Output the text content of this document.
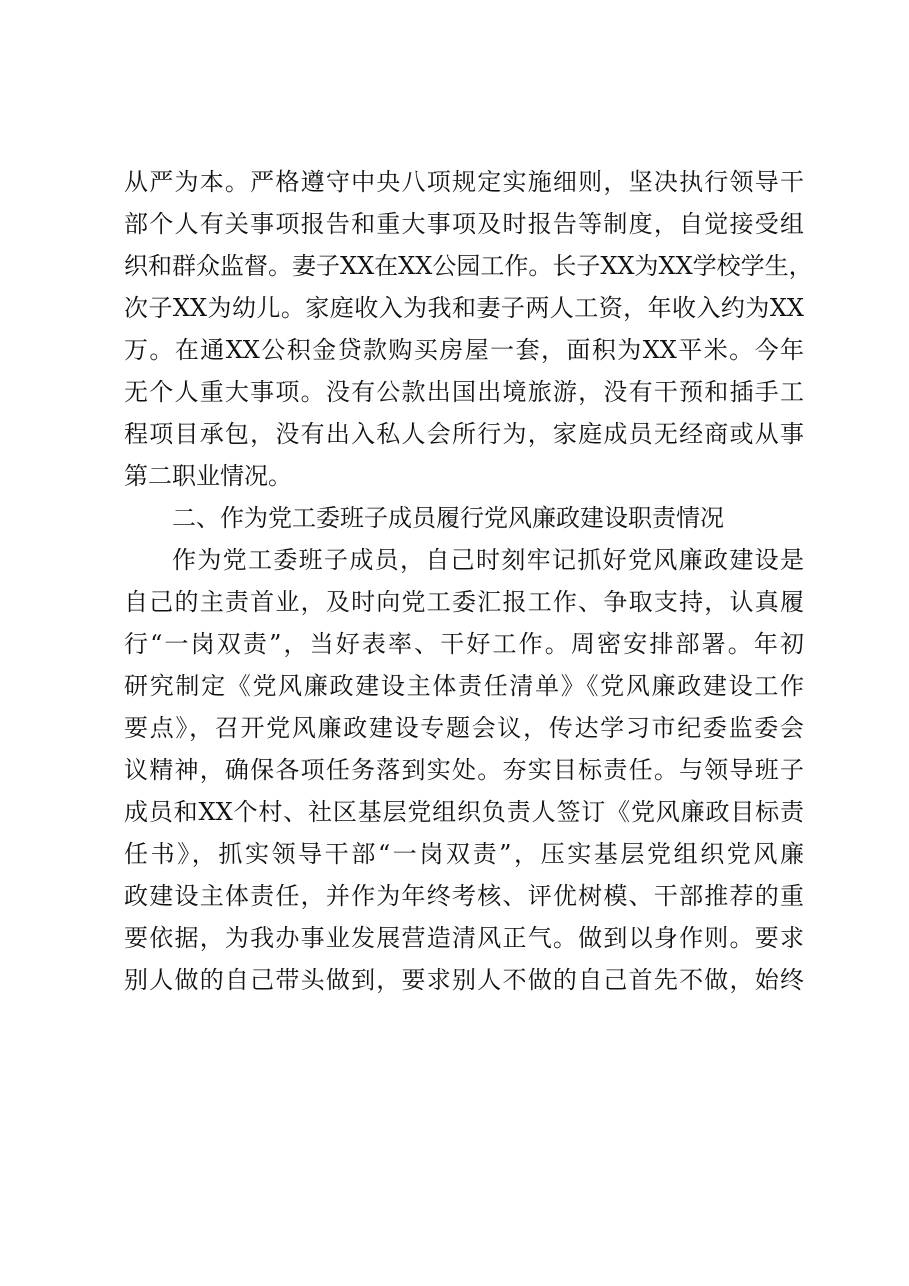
从严为本。严格遵守中央八项规定实施细则，坚决执行领导干
部个人有关事项报告和重大事项及时报告等制度，自觉接受组
织和群众监督。妻子XX在XX公园工作。长子XX为XX学校学生，
次子XX为幼儿。家庭收入为我和妻子两人工资，年收入约为XX
万。在通XX公积金贷款购买房屋一套，面积为XX平米。今年
无个人重大事项。没有公款出国出境旅游，没有干预和插手工
程项目承包，没有出入私人会所行为，家庭成员无经商或从事
第二职业情况。
二、作为党工委班子成员履行党风廉政建设职责情况
作为党工委班子成员，自己时刻牢记抓好党风廉政建设是
自己的主责首业，及时向党工委汇报工作、争取支持，认真履
行“一岗双责”，当好表率、干好工作。周密安排部署。年初
研究制定《党风廉政建设主体责任清单》《党风廉政建设工作
要点》，召开党风廉政建设专题会议，传达学习市纪委监委会
议精神，确保各项任务落到实处。夯实目标责任。与领导班子
成员和XX个村、社区基层党组织负责人签订《党风廉政目标责
任书》，抓实领导干部“一岗双责”，压实基层党组织党风廉
政建设主体责任，并作为年终考核、评优树模、干部推荐的重
要依据，为我办事业发展营造清风正气。做到以身作则。要求
别人做的自己带头做到，要求别人不做的自己首先不做，始终
